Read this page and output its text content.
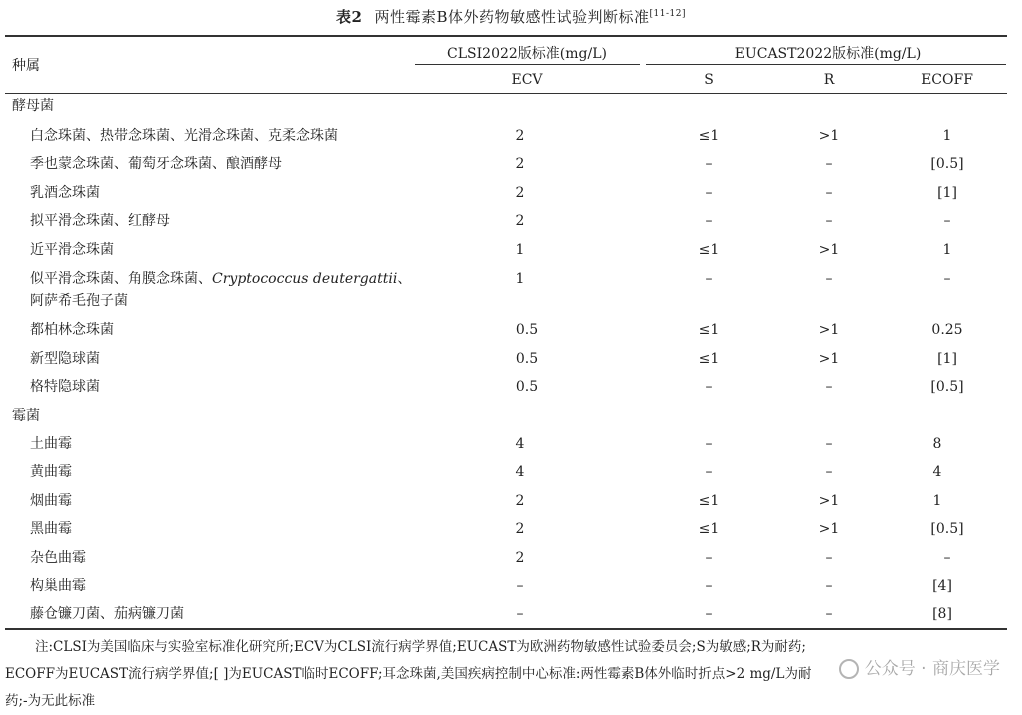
表2 两性霉素B体外药物敏感性试验判断标准[11-12]
种属
CLSI2022版标准(mg/L)	EUCAST2022版标准(mg/L)
ECV	S	R	ECOFF
酵母菌
白念珠菌、热带念珠菌、光滑念珠菌、克柔念珠菌	2	≤1	>1	1
季也蒙念珠菌、葡萄牙念珠菌、酿酒酵母	2	–	–	[0.5]
乳酒念珠菌	2	–	–	[1]
拟平滑念珠菌、红酵母	2	–	–	–
近平滑念珠菌	1	≤1	>1	1
似平滑念珠菌、角膜念珠菌、Cryptococcus deutergattii、
阿萨希毛孢子菌
1	–	–	–
都柏林念珠菌	0.5	≤1	>1	0.25
新型隐球菌	0.5	≤1	>1	[1]
格特隐球菌	0.5	–	–	[0.5]
霉菌
土曲霉	4	–	–	8
黄曲霉	4	–	–	4
烟曲霉	2	≤1	>1	1
黑曲霉	2	≤1	>1	[0.5]
杂色曲霉	2	–	–	–
构巢曲霉	–	–	–	[4]
藤仓镰刀菌、茄病镰刀菌	–	–	–	[8]
注:CLSI为美国临床与实验室标准化研究所;ECV为CLSI流行病学界值;EUCAST为欧洲药物敏感性试验委员会;S为敏感;R为耐药;
ECOFF为EUCAST流行病学界值;[ ]为EUCAST临时ECOFF;耳念珠菌,美国疾病控制中心标准:两性霉素B体外临时折点>2 mg/L为耐
药;-为无此标准
公众号 · 商庆医学
